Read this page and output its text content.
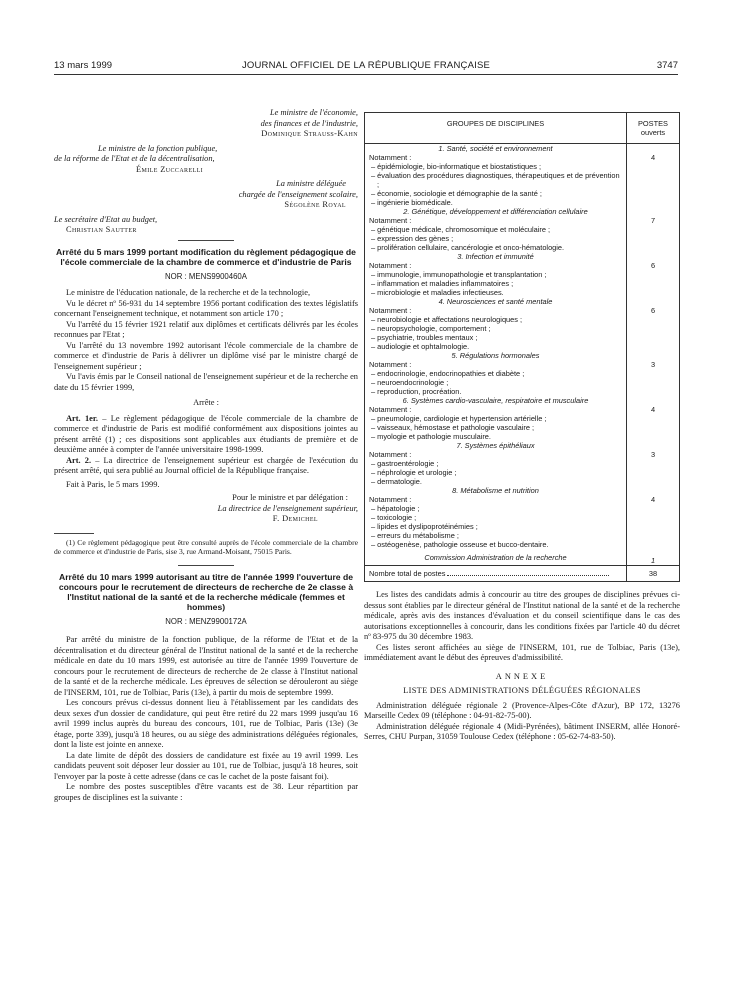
13 mars 1999	JOURNAL OFFICIEL DE LA RÉPUBLIQUE FRANÇAISE	3747
Le ministre de l'économie,
des finances et de l'industrie,
Dominique Strauss-Kahn
Le ministre de la fonction publique,
de la réforme de l'Etat et de la décentralisation,
Émile Zuccarelli
La ministre déléguée
chargée de l'enseignement scolaire,
Ségolène Royal
Le secrétaire d'Etat au budget,
Christian Sautter
Arrêté du 5 mars 1999 portant modification du règlement pédagogique de l'école commerciale de la chambre de commerce et d'industrie de Paris
NOR : MENS9900460A
Le ministre de l'éducation nationale, de la recherche et de la technologie,
Vu le décret nº 56-931 du 14 septembre 1956 portant codification des textes législatifs concernant l'enseignement technique, et notamment son article 170 ;
Vu l'arrêté du 15 février 1921 relatif aux diplômes et certificats délivrés par les écoles reconnues par l'Etat ;
Vu l'arrêté du 13 novembre 1992 autorisant l'école commerciale de la chambre de commerce et d'industrie de Paris à délivrer un diplôme visé par le ministre chargé de l'enseignement supérieur ;
Vu l'avis émis par le Conseil national de l'enseignement supérieur et de la recherche en date du 15 février 1999,
Arrête :
Art. 1er. – Le règlement pédagogique de l'école commerciale de la chambre de commerce et d'industrie de Paris est modifié conformément aux dispositions jointes au présent arrêté (1) ; ces dispositions sont applicables aux étudiants de première et de deuxième année à compter de l'année universitaire 1998-1999.
Art. 2. – La directrice de l'enseignement supérieur est chargée de l'exécution du présent arrêté, qui sera publié au Journal officiel de la République française.
Fait à Paris, le 5 mars 1999.
Pour le ministre et par délégation :
La directrice de l'enseignement supérieur,
F. Demichel
(1) Ce règlement pédagogique peut être consulté auprès de l'école commerciale de la chambre de commerce et d'industrie de Paris, sise 3, rue Armand-Moisant, 75015 Paris.
Arrêté du 10 mars 1999 autorisant au titre de l'année 1999 l'ouverture de concours pour le recrutement de directeurs de recherche de 2e classe à l'Institut national de la santé et de la recherche médicale (femmes et hommes)
NOR : MENZ9900172A
Par arrêté du ministre de la fonction publique, de la réforme de l'Etat et de la décentralisation et du directeur général de l'Institut national de la santé et de la recherche médicale en date du 10 mars 1999, est autorisée au titre de l'année 1999 l'ouverture de concours pour le recrutement de directeurs de recherche de 2e classe à l'Institut national de la santé et de la recherche médicale. Les épreuves de sélection se dérouleront au siège de l'INSERM, 101, rue de Tolbiac, Paris (13e), à partir du mois de septembre 1999.
Les concours prévus ci-dessus donnent lieu à l'établissement par les candidats des deux sexes d'un dossier de candidature, qui peut être retiré du 22 mars 1999 jusqu'au 16 avril 1999 inclus auprès du bureau des concours, 101, rue de Tolbiac, Paris (13e) (3e étage, porte 339), jusqu'à 18 heures, ou au siège des administrations déléguées régionales, dont la liste est jointe en annexe.
La date limite de dépôt des dossiers de candidature est fixée au 19 avril 1999. Les candidats peuvent soit déposer leur dossier au 101, rue de Tolbiac, jusqu'à 18 heures, soit l'envoyer par la poste à cette adresse (dans ce cas le cachet de la poste faisant foi).
Le nombre des postes susceptibles d'être vacants est de 38. Leur répartition par groupes de disciplines est la suivante :
GROUPES DE DISCIPLINES	POSTES
ouverts

1. Santé, société et environnement	
Notamment :	4
– épidémiologie, bio-informatique et biostatistiques ;	
– évaluation des procédures diagnostiques, thérapeutiques et de prévention ;	
– économie, sociologie et démographie de la santé ;	
– ingénierie biomédicale.	
2. Génétique, développement et différenciation cellulaire	
Notamment :	7
– génétique médicale, chromosomique et moléculaire ;	
– expression des gènes ;	
– prolifération cellulaire, cancérologie et onco-hématologie.	
3. Infection et immunité	
Notamment :	6
– immunologie, immunopathologie et transplantation ;	
– inflammation et maladies inflammatoires ;	
– microbiologie et maladies infectieuses.	
4. Neurosciences et santé mentale	
Notamment :	6
– neurobiologie et affectations neurologiques ;	
– neuropsychologie, comportement ;	
– psychiatrie, troubles mentaux ;	
– audiologie et ophtalmologie.	
5. Régulations hormonales	
Notamment :	3
– endocrinologie, endocrinopathies et diabète ;	
– neuroendocrinologie ;	
– reproduction, procréation.	
6. Systèmes cardio-vasculaire, respiratoire et musculaire	
Notamment :	4
– pneumologie, cardiologie et hypertension artérielle ;	
– vaisseaux, hémostase et pathologie vasculaire ;	
– myologie et pathologie musculaire.	
7. Systèmes épithéliaux	
Notamment :	3
– gastroentérologie ;	
– néphrologie et urologie ;	
– dermatologie.	
8. Métabolisme et nutrition	
Notamment :	4
– hépatologie ;	
– toxicologie ;	
– lipides et dyslipoprotéinémies ;	
– erreurs du métabolisme ;	
– ostéogenèse, pathologie osseuse et bucco-dentaire.	
Commission Administration de la recherche	1
Nombre total de postes	38
Les listes des candidats admis à concourir au titre des groupes de disciplines prévues ci-dessus sont établies par le directeur général de l'Institut national de la santé et de la recherche médicale, après avis des instances d'évaluation et du conseil scientifique dans le cas des autorisations exceptionnelles à concourir, dans les conditions fixées par l'article 40 du décret nº 83-975 du 30 décembre 1983.
Ces listes seront affichées au siège de l'INSERM, 101, rue de Tolbiac, Paris (13e), immédiatement avant le début des épreuves d'admissibilité.
ANNEXE
LISTE DES ADMINISTRATIONS DÉLÉGUÉES RÉGIONALES
Administration déléguée régionale 2 (Provence-Alpes-Côte d'Azur), BP 172, 13276 Marseille Cedex 09 (téléphone : 04-91-82-75-00).
Administration déléguée régionale 4 (Midi-Pyrénées), bâtiment INSERM, allée Honoré-Serres, CHU Purpan, 31059 Toulouse Cedex (téléphone : 05-62-74-83-50).
